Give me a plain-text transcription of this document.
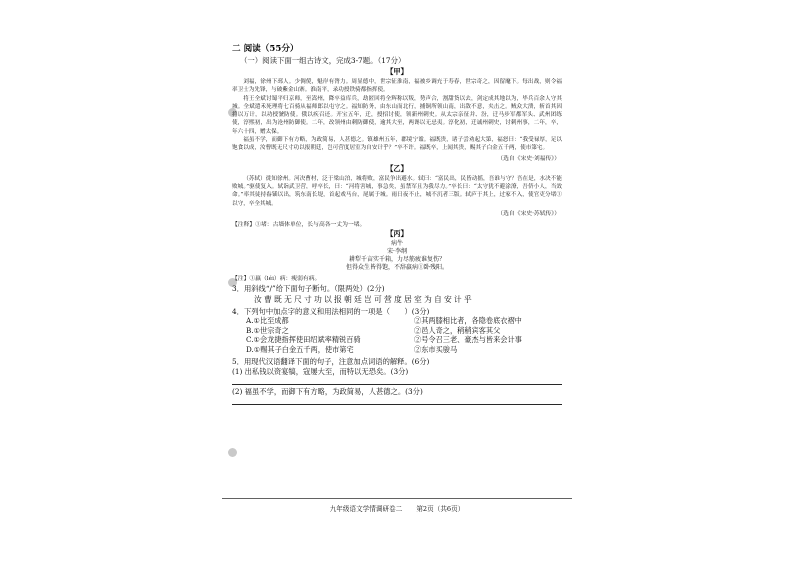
二 阅读（55分）
（一）阅读下面一组古诗文，完成3-7题。（17分）
【甲】

刘福，徐州下邳人。少倜傥，魁岸有膂力。周显德中，世宗征淮南，福被乡调充于寿春，世宗奇之，因留麾下。每出战，则令福率卫士为先锋，与破紫金山寨。淮南平，录功授铁骑都指挥使。

将王全斌讨蜀平归京师，至嵩州，降卒益库兵，劫匿回将全辉称以叛，势声合，割甜货以去，剑定成其地以为，毕兵百余人守其城。全斌遣禾死理将七百骑从福师郎以屯守之。福知防务，由东山而北行，捕铜所领山南，出敌不意，夹击之。贼众大溃，斩首其因将以万计，以功授虢防使。俄以疾召还。开宝五年，迁，授招讨使，领新州刺史。从太宗亲征并、汾，迁马步军都军头、武州团练使，淳熙初，出为沧州防御使。二年，改领州由刺防御使，逾其大至，两谗以无忌夷。淳化初，迁诚州刺史，讨刺州事，二年，卒，年六十四，赠太保。

福虽不学，而御下有方略，为政简易，人甚德之。镇雄州五年，郡境宁谧。福既贵，诸子尝劝起大第，福怒曰：“我受禄厚，足以饱食以成，汝曹既无尺寸功以报朝廷，岂可营度居室为自安计乎？”卒不许。福既卒，上闻其贵，赐其子白金五千两，使市第宅。

（选自《宋史·刘福传》）
【乙】

（苏轼）徙知徐州。河决曹村，泛于梁山泊，城将败，富民争出避水。轼曰：“富民出，民皆动摇，吾谁与守？吾在是，水决不能败城。”驱使复入。轼诣武卫营，呼卒长，曰：“河将害城，事急矣，虽禁军且为我尽力。”卒长曰：“太守犹不避涂潦，吾侪小人，当效命。”率其徒持畚锸以出，筑东南长堤，首起戏马台，尾属于城。雨日夜不止，城不沉者三版。轼庐于其上，过家不入，使官吏分堵①以守，卒全其城。

（选自《宋史·苏轼传》）
【注释】①堵：古墙体单位，长与高各一丈为一堵。
【丙】
病牛
宋·李纲
耕犁千亩实千箱，力尽筋疲谁复伤？
但得众生皆得饱，不辞羸病①卧残阳。
【注】①羸（léi）病：瘦弱有病。
3．用斜线“/”给下面句子断句。（限两处）(2分)
汝曹既无尺寸功以报朝廷岂可营度居室为自安计乎
4．下列句中加点字的意义和用法相同的一项是（　　）(3分)
A.①比至成都	②其两膝相比者，各隐卷底衣褶中
B.①世宗奇之	②邑人奇之，稍稍宾客其父
C.①会龙捷指挥使田绍斌率精锐百骑	②号令召三老、豪杰与皆来会计事
D.①赐其子白金五千两，使市第宅	②东市买骏马
5．用现代汉语翻译下面的句子，注意加点词语的解释。(6分)
(1) 出私钱以资宴犒，寇屡大至，而特以无恐矣。(3分)
(2) 福虽不学，而御下有方略，为政简易，人甚德之。(3分)
九年级语文学情调研卷二 第2页（共6页）
